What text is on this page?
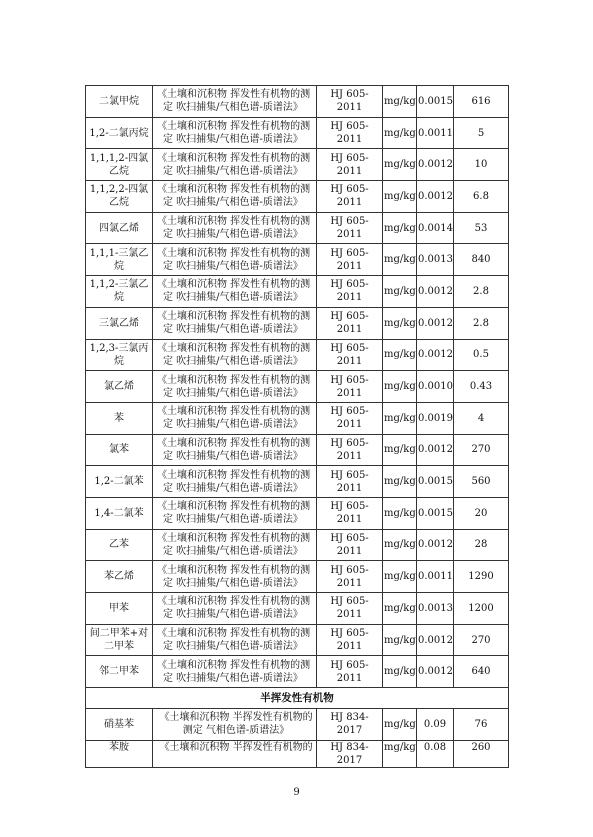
二氯甲烷	《土壤和沉积物 挥发性有机物的测
定 吹扫捕集/气相色谱-质谱法》	HJ 605-2011	mg/kg	0.0015	616
1,2-二氯丙烷	《土壤和沉积物 挥发性有机物的测
定 吹扫捕集/气相色谱-质谱法》	HJ 605-2011	mg/kg	0.0011	5
1,1,1,2-四氯乙烷	《土壤和沉积物 挥发性有机物的测
定 吹扫捕集/气相色谱-质谱法》	HJ 605-2011	mg/kg	0.0012	10
1,1,2,2-四氯乙烷	《土壤和沉积物 挥发性有机物的测
定 吹扫捕集/气相色谱-质谱法》	HJ 605-2011	mg/kg	0.0012	6.8
四氯乙烯	《土壤和沉积物 挥发性有机物的测
定 吹扫捕集/气相色谱-质谱法》	HJ 605-2011	mg/kg	0.0014	53
1,1,1-三氯乙烷	《土壤和沉积物 挥发性有机物的测
定 吹扫捕集/气相色谱-质谱法》	HJ 605-2011	mg/kg	0.0013	840
1,1,2-三氯乙烷	《土壤和沉积物 挥发性有机物的测
定 吹扫捕集/气相色谱-质谱法》	HJ 605-2011	mg/kg	0.0012	2.8
三氯乙烯	《土壤和沉积物 挥发性有机物的测
定 吹扫捕集/气相色谱-质谱法》	HJ 605-2011	mg/kg	0.0012	2.8
1,2,3-三氯丙烷	《土壤和沉积物 挥发性有机物的测
定 吹扫捕集/气相色谱-质谱法》	HJ 605-2011	mg/kg	0.0012	0.5
氯乙烯	《土壤和沉积物 挥发性有机物的测
定 吹扫捕集/气相色谱-质谱法》	HJ 605-2011	mg/kg	0.0010	0.43
苯	《土壤和沉积物 挥发性有机物的测
定 吹扫捕集/气相色谱-质谱法》	HJ 605-2011	mg/kg	0.0019	4
氯苯	《土壤和沉积物 挥发性有机物的测
定 吹扫捕集/气相色谱-质谱法》	HJ 605-2011	mg/kg	0.0012	270
1,2-二氯苯	《土壤和沉积物 挥发性有机物的测
定 吹扫捕集/气相色谱-质谱法》	HJ 605-2011	mg/kg	0.0015	560
1,4-二氯苯	《土壤和沉积物 挥发性有机物的测
定 吹扫捕集/气相色谱-质谱法》	HJ 605-2011	mg/kg	0.0015	20
乙苯	《土壤和沉积物 挥发性有机物的测
定 吹扫捕集/气相色谱-质谱法》	HJ 605-2011	mg/kg	0.0012	28
苯乙烯	《土壤和沉积物 挥发性有机物的测
定 吹扫捕集/气相色谱-质谱法》	HJ 605-2011	mg/kg	0.0011	1290
甲苯	《土壤和沉积物 挥发性有机物的测
定 吹扫捕集/气相色谱-质谱法》	HJ 605-2011	mg/kg	0.0013	1200
间二甲苯+对二甲苯	《土壤和沉积物 挥发性有机物的测
定 吹扫捕集/气相色谱-质谱法》	HJ 605-2011	mg/kg	0.0012	270
邻二甲苯	《土壤和沉积物 挥发性有机物的测
定 吹扫捕集/气相色谱-质谱法》	HJ 605-2011	mg/kg	0.0012	640
半挥发性有机物					
硝基苯	《土壤和沉积物 半挥发性有机物的
测定 气相色谱-质谱法》	HJ 834-2017	mg/kg	0.09	76
苯胺	《土壤和沉积物 半挥发性有机物的	HJ 834-2017	mg/kg	0.08	260
9
